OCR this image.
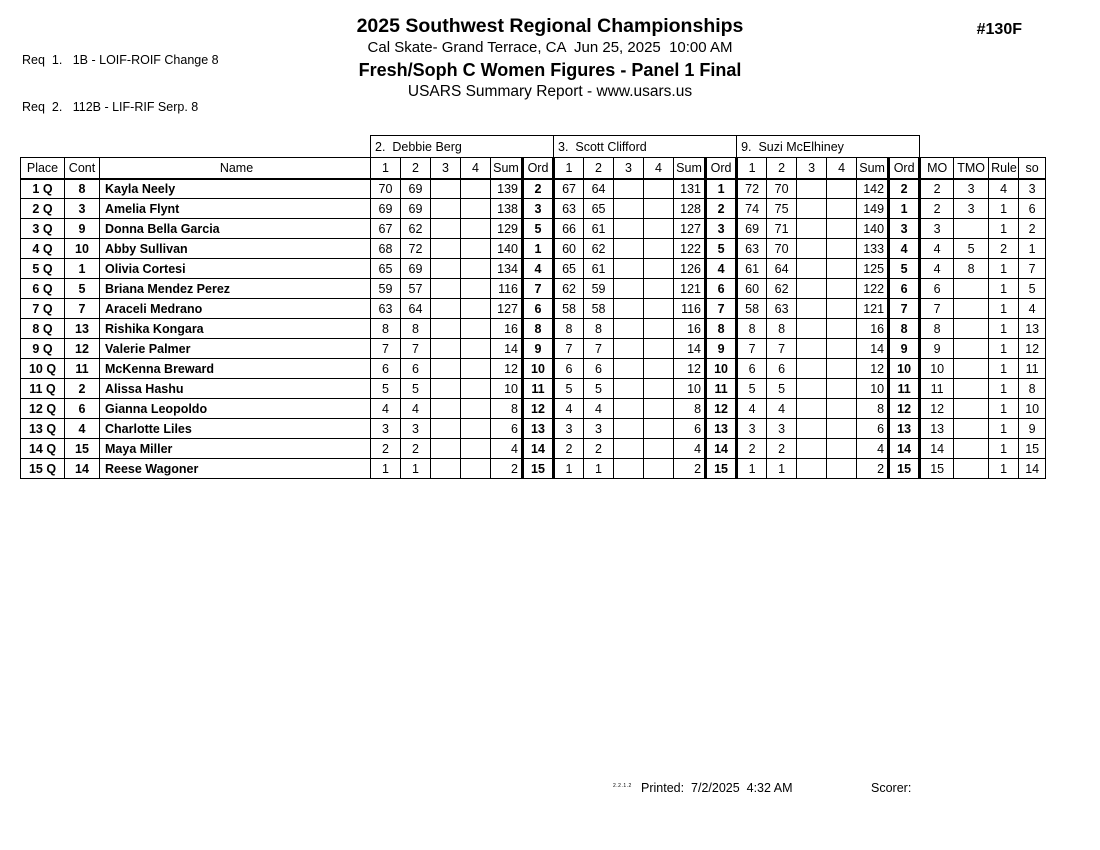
Req  1.   1B - LOIF-ROIF Change 8

Req  2.   112B - LIF-RIF Serp. 8

2025 Southwest Regional Championships
Cal Skate- Grand Terrace, CA  Jun 25, 2025  10:00 AM
Fresh/Soph C Women Figures - Panel 1 Final
USARS Summary Report - www.usars.us
#130F
			2.  Debbie Berg						3.  Scott Clifford						9.  Suzi McElhiney									
Place	Cont	Name	1	2	3	4	Sum	Ord	1	2	3	4	Sum	Ord	1	2	3	4	Sum	Ord	MO	TMO	Rule	so
1 Q	8	Kayla Neely	70	69			139	2	67	64			131	1	72	70			142	2	2	3	4	3
2 Q	3	Amelia Flynt	69	69			138	3	63	65			128	2	74	75			149	1	2	3	1	6
3 Q	9	Donna Bella Garcia	67	62			129	5	66	61			127	3	69	71			140	3	3		1	2
4 Q	10	Abby Sullivan	68	72			140	1	60	62			122	5	63	70			133	4	4	5	2	1
5 Q	1	Olivia Cortesi	65	69			134	4	65	61			126	4	61	64			125	5	4	8	1	7
6 Q	5	Briana Mendez Perez	59	57			116	7	62	59			121	6	60	62			122	6	6		1	5
7 Q	7	Araceli Medrano	63	64			127	6	58	58			116	7	58	63			121	7	7		1	4
8 Q	13	Rishika Kongara	8	8			16	8	8	8			16	8	8	8			16	8	8		1	13
9 Q	12	Valerie Palmer	7	7			14	9	7	7			14	9	7	7			14	9	9		1	12
10 Q	11	McKenna Breward	6	6			12	10	6	6			12	10	6	6			12	10	10		1	11
11 Q	2	Alissa Hashu	5	5			10	11	5	5			10	11	5	5			10	11	11		1	8
12 Q	6	Gianna Leopoldo	4	4			8	12	4	4			8	12	4	4			8	12	12		1	10
13 Q	4	Charlotte Liles	3	3			6	13	3	3			6	13	3	3			6	13	13		1	9
14 Q	15	Maya Miller	2	2			4	14	2	2			4	14	2	2			4	14	14		1	15
15 Q	14	Reese Wagoner	1	1			2	15	1	1			2	15	1	1			2	15	15		1	14
2.2.1.2 Printed:  7/2/2025  4:32 AM	Scorer:
